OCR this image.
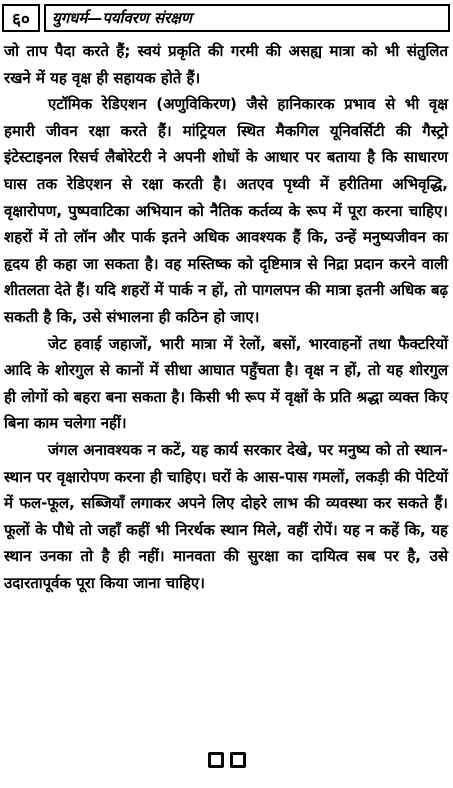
६०	युगधर्म—पर्यावरण संरक्षण

जो ताप पैदा करते हैं; स्वयं प्रकृति की गरमी की असह्य मात्रा को भी संतुलित रखने में यह वृक्ष ही सहायक होते हैं।

एटॉमिक रेडिएशन (अणुविकिरण) जैसे हानिकारक प्रभाव से भी वृक्ष हमारी जीवन रक्षा करते हैं। मांट्रियल स्थित मैकगिल यूनिवर्सिटी की गैस्ट्रो इंटेस्टाइनल रिसर्च लैबोरेटरी ने अपनी शोधों के आधार पर बताया है कि साधारण घास तक रेडिएशन से रक्षा करती है। अतएव पृथ्वी में हरीतिमा अभिवृद्धि, वृक्षारोपण, पुष्पवाटिका अभियान को नैतिक कर्तव्य के रूप में पूरा करना चाहिए। शहरों में तो लॉन और पार्क इतने अधिक आवश्यक हैं कि, उन्हें मनुष्यजीवन का हृदय ही कहा जा सकता है। वह मस्तिष्क को दृष्टिमात्र से निद्रा प्रदान करने वाली शीतलता देते हैं। यदि शहरों में पार्क न हों, तो पागलपन की मात्रा इतनी अधिक बढ़ सकती है कि, उसे संभालना ही कठिन हो जाए।

जेट हवाई जहाजों, भारी मात्रा में रेलों, बसों, भारवाहनों तथा फैक्टरियों आदि के शोरगुल से कानों में सीधा आघात पहुँचता है। वृक्ष न हों, तो यह शोरगुल ही लोगों को बहरा बना सकता है। किसी भी रूप में वृक्षों के प्रति श्रद्धा व्यक्त किए बिना काम चलेगा नहीं।

जंगल अनावश्यक न कटें, यह कार्य सरकार देखे, पर मनुष्य को तो स्थान-स्थान पर वृक्षारोपण करना ही चाहिए। घरों के आस-पास गमलों, लकड़ी की पेटियों में फल-फूल, सब्जियाँ लगाकर अपने लिए दोहरे लाभ की व्यवस्था कर सकते हैं। फूलों के पौधे तो जहाँ कहीं भी निरर्थक स्थान मिले, वहीं रोपें। यह न कहें कि, यह स्थान उनका तो है ही नहीं। मानवता की सुरक्षा का दायित्व सब पर है, उसे उदारतापूर्वक पूरा किया जाना चाहिए।
